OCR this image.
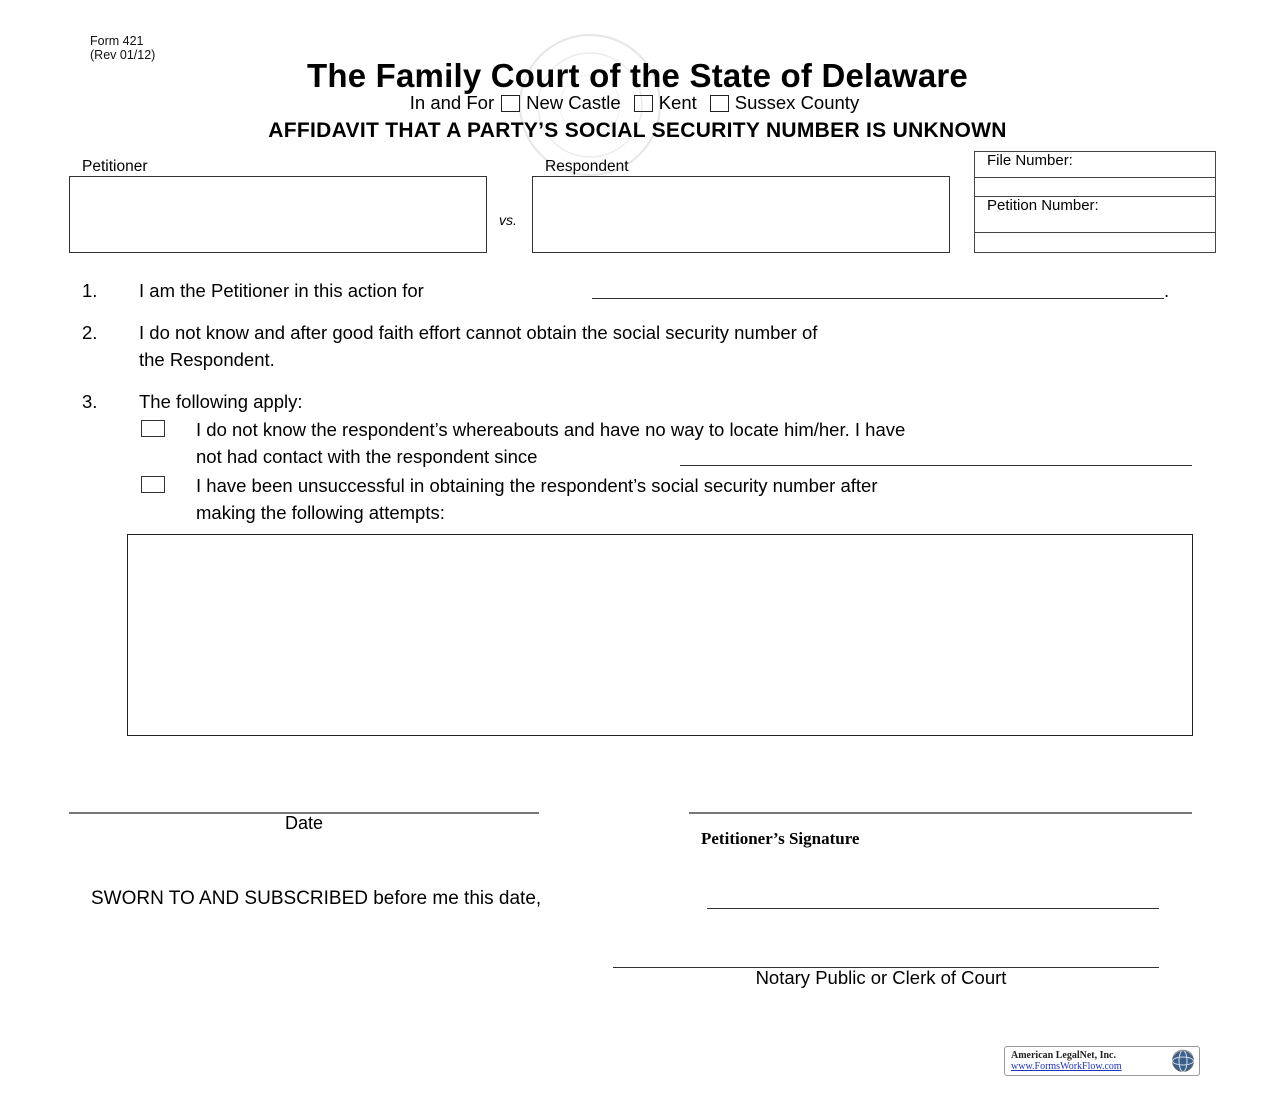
Form 421
(Rev 01/12)
The Family Court of the State of Delaware
In and For New Castle Kent Sussex County
AFFIDAVIT THAT A PARTY’S SOCIAL SECURITY NUMBER IS UNKNOWN
Petitioner
vs.
Respondent	File Number:
Petition Number:
1. I am the Petitioner in this action for	.
2. I do not know and after good faith effort cannot obtain the social security number of
the Respondent.
3. The following apply:
I do not know the respondent’s whereabouts and have no way to locate him/her. I have
not had contact with the respondent since
I have been unsuccessful in obtaining the respondent’s social security number after
making the following attempts:
Date
Petitioner’s Signature
SWORN TO AND SUBSCRIBED before me this date,
Notary Public or Clerk of Court
American LegalNet, Inc.
www.FormsWorkFlow.com
